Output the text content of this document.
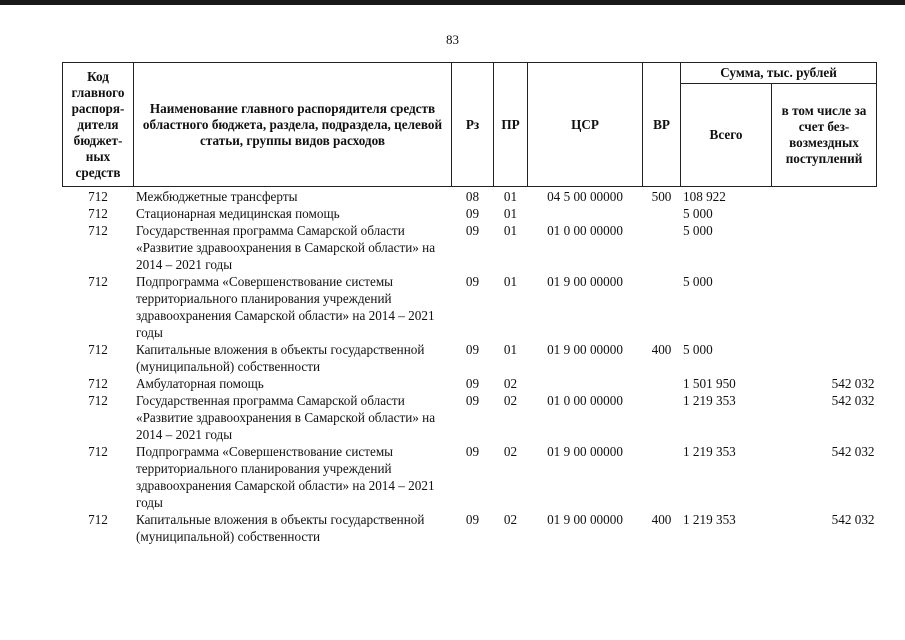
83
Код главного распоря-дителя бюджет-ных средств	Наименование главного распорядителя средств областного бюджета, раздела, подраздела, целевой статьи, группы видов расходов	Рз	ПР	ЦСР	ВР	Сумма, тыс. рублей	
						Всего	в том числе за счет без-возмездных поступлений
712	Межбюджетные трансферты	08	01	04 5 00 00000	500	108 922	
712	Стационарная медицинская помощь	09	01			5 000	
712	Государственная программа Самарской области «Развитие здравоохранения в Самарской области» на 2014 – 2021 годы	09	01	01 0 00 00000		5 000	
712	Подпрограмма «Совершенствование системы территориального планирования учреждений здравоохранения Самарской области» на 2014 – 2021 годы	09	01	01 9 00 00000		5 000	
712	Капитальные вложения в объекты государственной (муниципальной) собственности	09	01	01 9 00 00000	400	5 000	
712	Амбулаторная помощь	09	02			1 501 950	542 032
712	Государственная программа Самарской области «Развитие здравоохранения в Самарской области» на 2014 – 2021 годы	09	02	01 0 00 00000		1 219 353	542 032
712	Подпрограмма «Совершенствование системы территориального планирования учреждений здравоохранения Самарской области» на 2014 – 2021 годы	09	02	01 9 00 00000		1 219 353	542 032
712	Капитальные вложения в объекты государственной (муниципальной) собственности	09	02	01 9 00 00000	400	1 219 353	542 032
